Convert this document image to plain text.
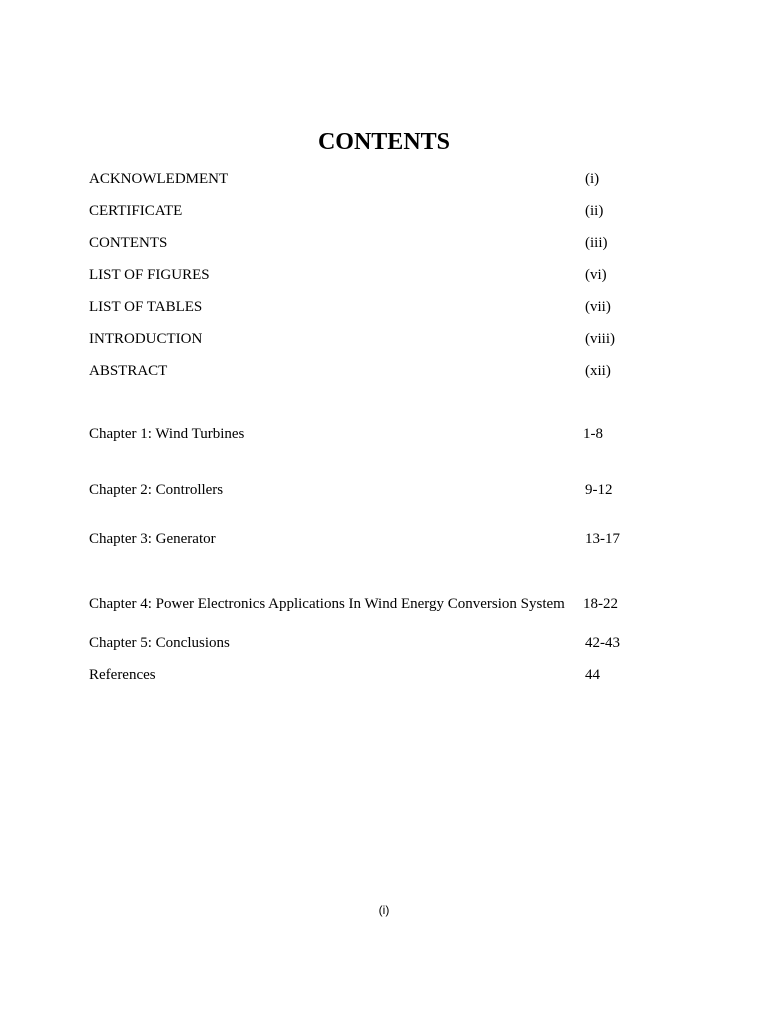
CONTENTS
ACKNOWLEDMENT	(i)
CERTIFICATE	(ii)
CONTENTS	(iii)
LIST OF FIGURES	(vi)
LIST OF TABLES	(vii)
INTRODUCTION	(viii)
ABSTRACT	(xii)
Chapter 1: Wind Turbines	1-8
Chapter 2: Controllers	9-12
Chapter 3: Generator	13-17
Chapter 4: Power Electronics Applications In Wind Energy Conversion System 18-22
Chapter 5: Conclusions	42-43
References	44
(i)
